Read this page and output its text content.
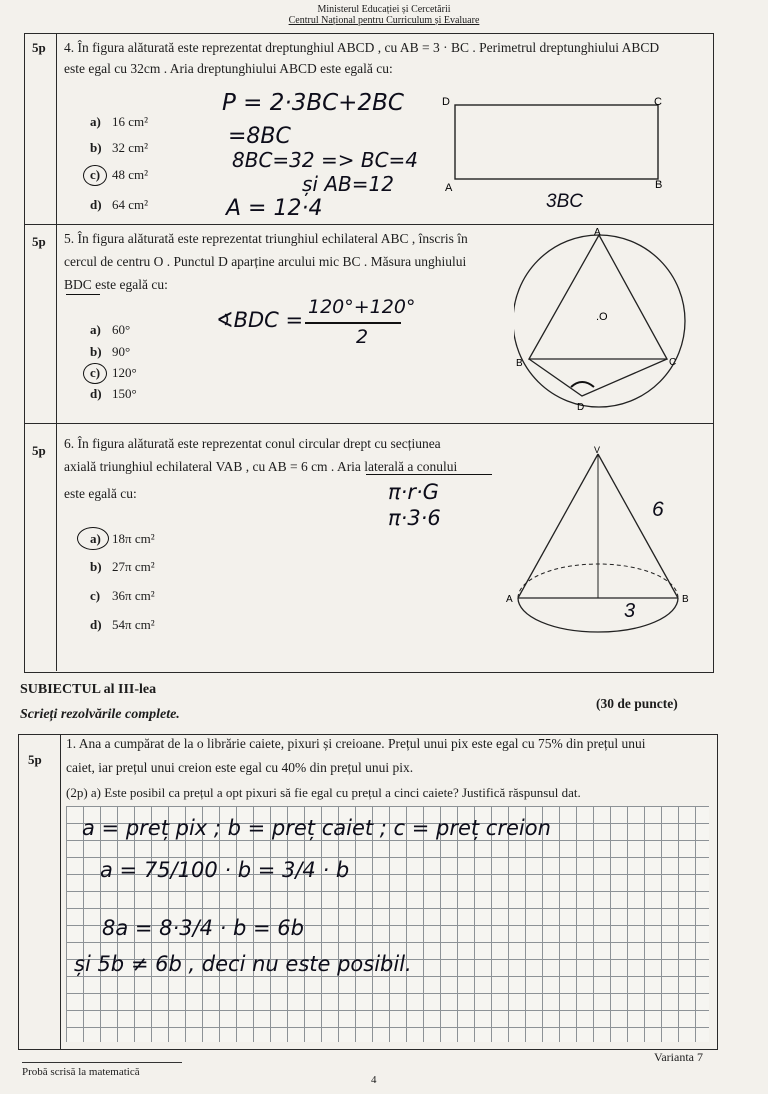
Ministerul Educației și Cercetării
Centrul Național pentru Curriculum și Evaluare
5p 4. În figura alăturată este reprezentat dreptunghiul ABCD , cu AB = 3 · BC . Perimetrul dreptunghiului ABCD
este egal cu 32cm . Aria dreptunghiului ABCD este egală cu:
a) 16 cm²
b) 32 cm²
c) 48 cm²
d) 64 cm²
P = 2·3BC+2BC
=8BC
8BC=32 => BC=4
și AB=12
A = 12·4
D	C
A	B
3BC
5p 5. În figura alăturată este reprezentat triunghiul echilateral ABC , înscris în
cercul de centru O . Punctul D aparține arcului mic BC . Măsura unghiului
BDC este egală cu:
a) 60°
b) 90°
c) 120°
d) 150°
∢BDC =
120°+120°
2
A
B	C
D
.O
5p 6. În figura alăturată este reprezentat conul circular drept cu secțiunea
axială triunghiul echilateral VAB , cu AB = 6 cm . Aria laterală a conului
este egală cu:
a) 18π cm²
b) 27π cm²
c) 36π cm²
d) 54π cm²
π·r·G
π·3·6
V
A	B
6
3
SUBIECTUL al III-lea
Scrieți rezolvările complete.
(30 de puncte)
5p
1. Ana a cumpărat de la o librărie caiete, pixuri și creioane. Prețul unui pix este egal cu 75% din prețul unui
caiet, iar prețul unui creion este egal cu 40% din prețul unui pix.
(2p) a) Este posibil ca prețul a opt pixuri să fie egal cu prețul a cinci caiete? Justifică răspunsul dat.
a = preț pix ; b = preț caiet ; c = preț creion
a = 75/100 · b = 3/4 · b
8a = 8·3/4 · b = 6b
și 5b ≠ 6b , deci nu este posibil.
Probă scrisă la matematică
Varianta 7
4
